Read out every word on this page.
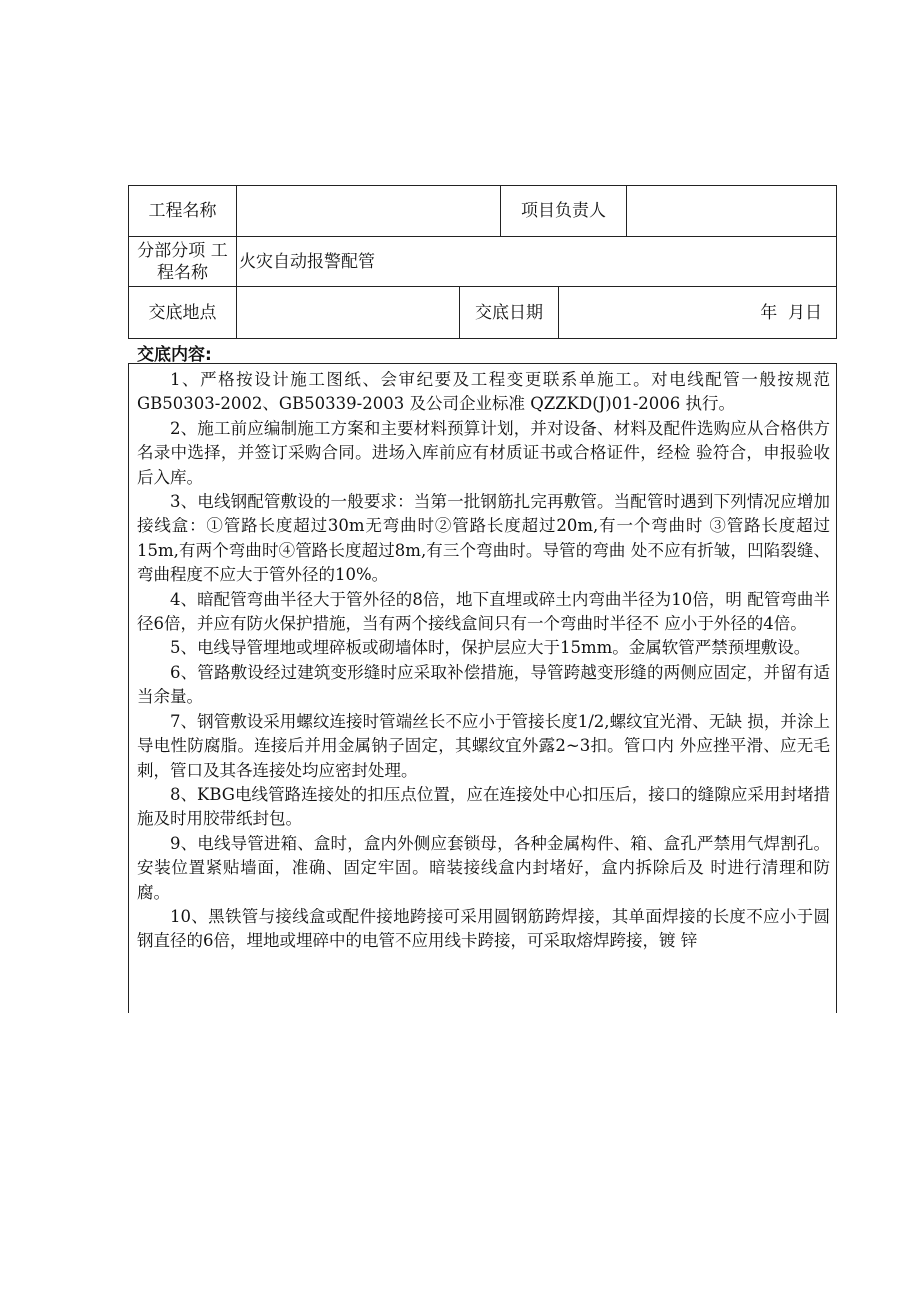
工程名称	项目负责人
分部分项 工程名称
火灾自动报警配管
交底地点	交底日期	年  月日
交底内容:

1、严格按设计施工图纸、会审纪要及工程变更联系单施工。对电线配管一般按规范 GB50303-2002、GB50339-2003 及公司企业标准 QZZKD(J)01-2006 执行。

2、施工前应编制施工方案和主要材料预算计划，并对设备、材料及配件选购应从合格供方名录中选择，并签订采购合同。进场入库前应有材质证书或合格证件，经检 验符合，申报验收后入库。

3、电线钢配管敷设的一般要求：当第一批钢筋扎完再敷管。当配管时遇到下列情况应增加接线盒：①管路长度超过30m无弯曲时②管路长度超过20m,有一个弯曲时 ③管路长度超过15m,有两个弯曲时④管路长度超过8m,有三个弯曲时。导管的弯曲 处不应有折皱，凹陷裂缝、弯曲程度不应大于管外径的10%。

4、暗配管弯曲半径大于管外径的8倍，地下直埋或碎土内弯曲半径为10倍，明 配管弯曲半径6倍，并应有防火保护措施，当有两个接线盒间只有一个弯曲时半径不 应小于外径的4倍。

5、电线导管埋地或埋碎板或砌墙体时，保护层应大于15mm。金属软管严禁预埋敷设。

6、管路敷设经过建筑变形缝时应采取补偿措施，导管跨越变形缝的两侧应固定，并留有适当余量。

7、钢管敷设采用螺纹连接时管端丝长不应小于管接长度1/2,螺纹宜光滑、无缺 损，并涂上导电性防腐脂。连接后并用金属钠子固定，其螺纹宜外露2~3扣。管口内 外应挫平滑、应无毛刺，管口及其各连接处均应密封处理。

8、KBG电线管路连接处的扣压点位置，应在连接处中心扣压后，接口的缝隙应采用封堵措施及时用胶带纸封包。

9、电线导管进箱、盒时，盒内外侧应套锁母，各种金属构件、箱、盒孔严禁用气焊割孔。安装位置紧贴墙面，准确、固定牢固。暗装接线盒内封堵好，盒内拆除后及 时进行清理和防腐。

10、黑铁管与接线盒或配件接地跨接可采用圆钢筋跨焊接，其单面焊接的长度不应小于圆钢直径的6倍，埋地或埋碎中的电管不应用线卡跨接，可采取熔焊跨接，镀 锌
